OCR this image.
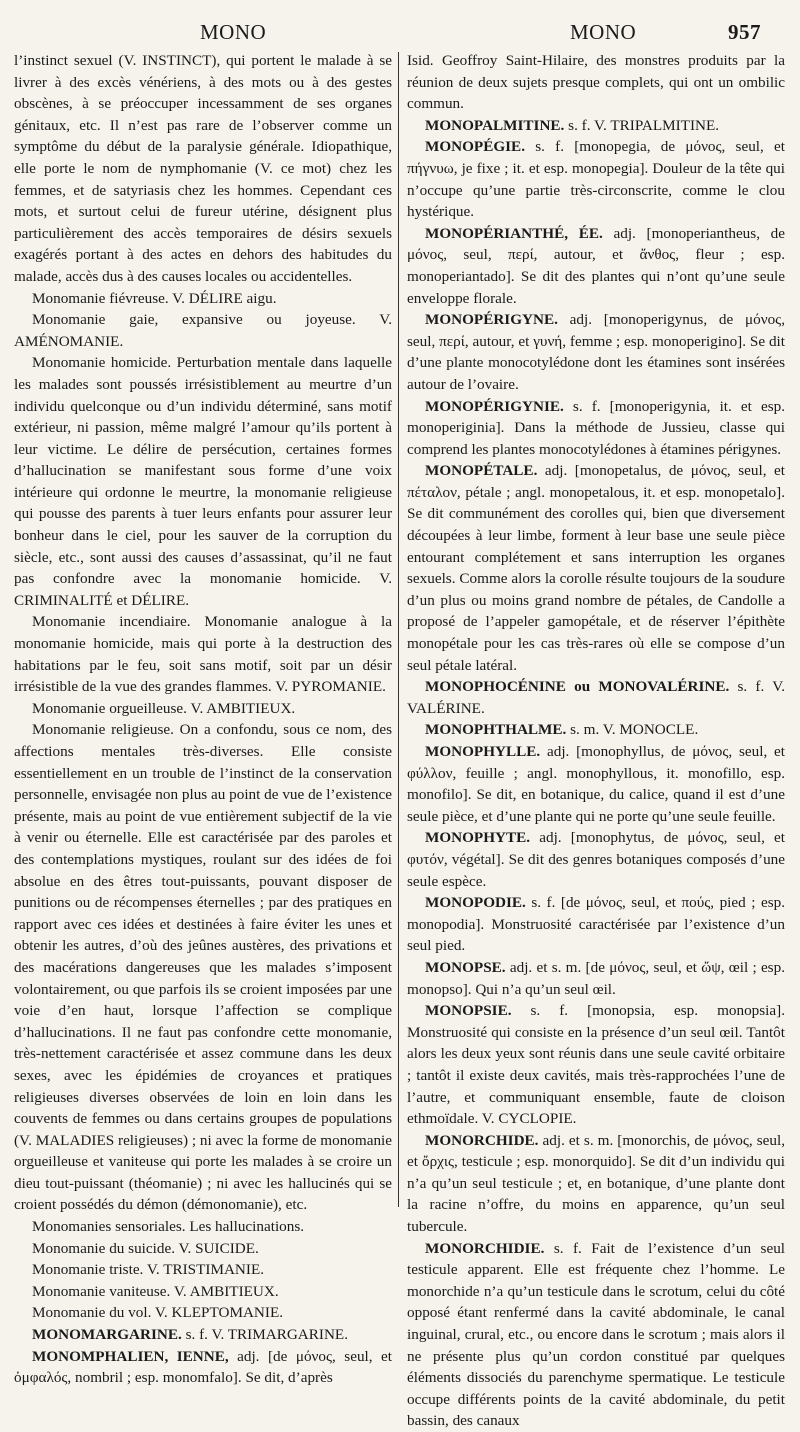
MONO	MONO	957

l’instinct sexuel (V. INSTINCT), qui portent le malade à se livrer à des excès vénériens, à des mots ou à des gestes obscènes, à se préoccuper incessamment de ses organes génitaux, etc. Il n’est pas rare de l’observer comme un symptôme du début de la paralysie générale. Idiopathique, elle porte le nom de nymphomanie (V. ce mot) chez les femmes, et de satyriasis chez les hommes. Cependant ces mots, et surtout celui de fureur utérine, désignent plus particulièrement des accès temporaires de désirs sexuels exagérés portant à des actes en dehors des habitudes du malade, accès dus à des causes locales ou accidentelles.

Monomanie fiévreuse. V. DÉLIRE aigu.

Monomanie gaie, expansive ou joyeuse. V. AMÉNOMANIE.

Monomanie homicide. Perturbation mentale dans laquelle les malades sont poussés irrésistiblement au meurtre d’un individu quelconque ou d’un individu déterminé, sans motif extérieur, ni passion, même malgré l’amour qu’ils portent à leur victime. Le délire de persécution, certaines formes d’hallucination se manifestant sous forme d’une voix intérieure qui ordonne le meurtre, la monomanie religieuse qui pousse des parents à tuer leurs enfants pour assurer leur bonheur dans le ciel, pour les sauver de la corruption du siècle, etc., sont aussi des causes d’assassinat, qu’il ne faut pas confondre avec la monomanie homicide. V. CRIMINALITÉ et DÉLIRE.

Monomanie incendiaire. Monomanie analogue à la monomanie homicide, mais qui porte à la destruction des habitations par le feu, soit sans motif, soit par un désir irrésistible de la vue des grandes flammes. V. PYROMANIE.

Monomanie orgueilleuse. V. AMBITIEUX.

Monomanie religieuse. On a confondu, sous ce nom, des affections mentales très-diverses. Elle consiste essentiellement en un trouble de l’instinct de la conservation personnelle, envisagée non plus au point de vue de l’existence présente, mais au point de vue entièrement subjectif de la vie à venir ou éternelle. Elle est caractérisée par des paroles et des contemplations mystiques, roulant sur des idées de foi absolue en des êtres tout-puissants, pouvant disposer de punitions ou de récompenses éternelles ; par des pratiques en rapport avec ces idées et destinées à faire éviter les unes et obtenir les autres, d’où des jeûnes austères, des privations et des macérations dangereuses que les malades s’imposent volontairement, ou que parfois ils se croient imposées par une voie d’en haut, lorsque l’affection se complique d’hallucinations. Il ne faut pas confondre cette monomanie, très-nettement caractérisée et assez commune dans les deux sexes, avec les épidémies de croyances et pratiques religieuses diverses observées de loin en loin dans les couvents de femmes ou dans certains groupes de populations (V. MALADIES religieuses) ; ni avec la forme de monomanie orgueilleuse et vaniteuse qui porte les malades à se croire un dieu tout-puissant (théomanie) ; ni avec les hallucinés qui se croient possédés du démon (démonomanie), etc.

Monomanies sensoriales. Les hallucinations.

Monomanie du suicide. V. SUICIDE.

Monomanie triste. V. TRISTIMANIE.

Monomanie vaniteuse. V. AMBITIEUX.

Monomanie du vol. V. KLEPTOMANIE.

MONOMARGARINE. s. f. V. TRIMARGARINE.

MONOMPHALIEN, IENNE, adj. [de μόνος, seul, et ὀμφαλός, nombril ; esp. monomfalo]. Se dit, d’après

Isid. Geoffroy Saint-Hilaire, des monstres produits par la réunion de deux sujets presque complets, qui ont un ombilic commun.

MONOPALMITINE. s. f. V. TRIPALMITINE.

MONOPÉGIE. s. f. [monopegia, de μόνος, seul, et πήγνυω, je fixe ; it. et esp. monopegia]. Douleur de la tête qui n’occupe qu’une partie très-circonscrite, comme le clou hystérique.

MONOPÉRIANTHÉ, ÉE. adj. [monoperiantheus, de μόνος, seul, περί, autour, et ἄνθος, fleur ; esp. monoperiantado]. Se dit des plantes qui n’ont qu’une seule enveloppe florale.

MONOPÉRIGYNE. adj. [monoperigynus, de μόνος, seul, περί, autour, et γυνή, femme ; esp. monoperigino]. Se dit d’une plante monocotylédone dont les étamines sont insérées autour de l’ovaire.

MONOPÉRIGYNIE. s. f. [monoperigynia, it. et esp. monoperiginia]. Dans la méthode de Jussieu, classe qui comprend les plantes monocotylédones à étamines périgynes.

MONOPÉTALE. adj. [monopetalus, de μόνος, seul, et πέταλον, pétale ; angl. monopetalous, it. et esp. monopetalo]. Se dit communément des corolles qui, bien que diversement découpées à leur limbe, forment à leur base une seule pièce entourant complétement et sans interruption les organes sexuels. Comme alors la corolle résulte toujours de la soudure d’un plus ou moins grand nombre de pétales, de Candolle a proposé de l’appeler gamopétale, et de réserver l’épithète monopétale pour les cas très-rares où elle se compose d’un seul pétale latéral.

MONOPHOCÉNINE ou MONOVALÉRINE. s. f. V. VALÉRINE.

MONOPHTHALME. s. m. V. MONOCLE.

MONOPHYLLE. adj. [monophyllus, de μόνος, seul, et φύλλον, feuille ; angl. monophyllous, it. monofillo, esp. monofilo]. Se dit, en botanique, du calice, quand il est d’une seule pièce, et d’une plante qui ne porte qu’une seule feuille.

MONOPHYTE. adj. [monophytus, de μόνος, seul, et φυτόν, végétal]. Se dit des genres botaniques composés d’une seule espèce.

MONOPODIE. s. f. [de μόνος, seul, et πούς, pied ; esp. monopodia]. Monstruosité caractérisée par l’existence d’un seul pied.

MONOPSE. adj. et s. m. [de μόνος, seul, et ὤψ, œil ; esp. monopso]. Qui n’a qu’un seul œil.

MONOPSIE. s. f. [monopsia, esp. monopsia]. Monstruosité qui consiste en la présence d’un seul œil. Tantôt alors les deux yeux sont réunis dans une seule cavité orbitaire ; tantôt il existe deux cavités, mais très-rapprochées l’une de l’autre, et communiquant ensemble, faute de cloison ethmoïdale. V. CYCLOPIE.

MONORCHIDE. adj. et s. m. [monorchis, de μόνος, seul, et ὄρχις, testicule ; esp. monorquido]. Se dit d’un individu qui n’a qu’un seul testicule ; et, en botanique, d’une plante dont la racine n’offre, du moins en apparence, qu’un seul tubercule.

MONORCHIDIE. s. f. Fait de l’existence d’un seul testicule apparent. Elle est fréquente chez l’homme. Le monorchide n’a qu’un testicule dans le scrotum, celui du côté opposé étant renfermé dans la cavité abdominale, le canal inguinal, crural, etc., ou encore dans le scrotum ; mais alors il ne présente plus qu’un cordon constitué par quelques éléments dissociés du parenchyme spermatique. Le testicule occupe différents points de la cavité abdominale, du petit bassin, des canaux
